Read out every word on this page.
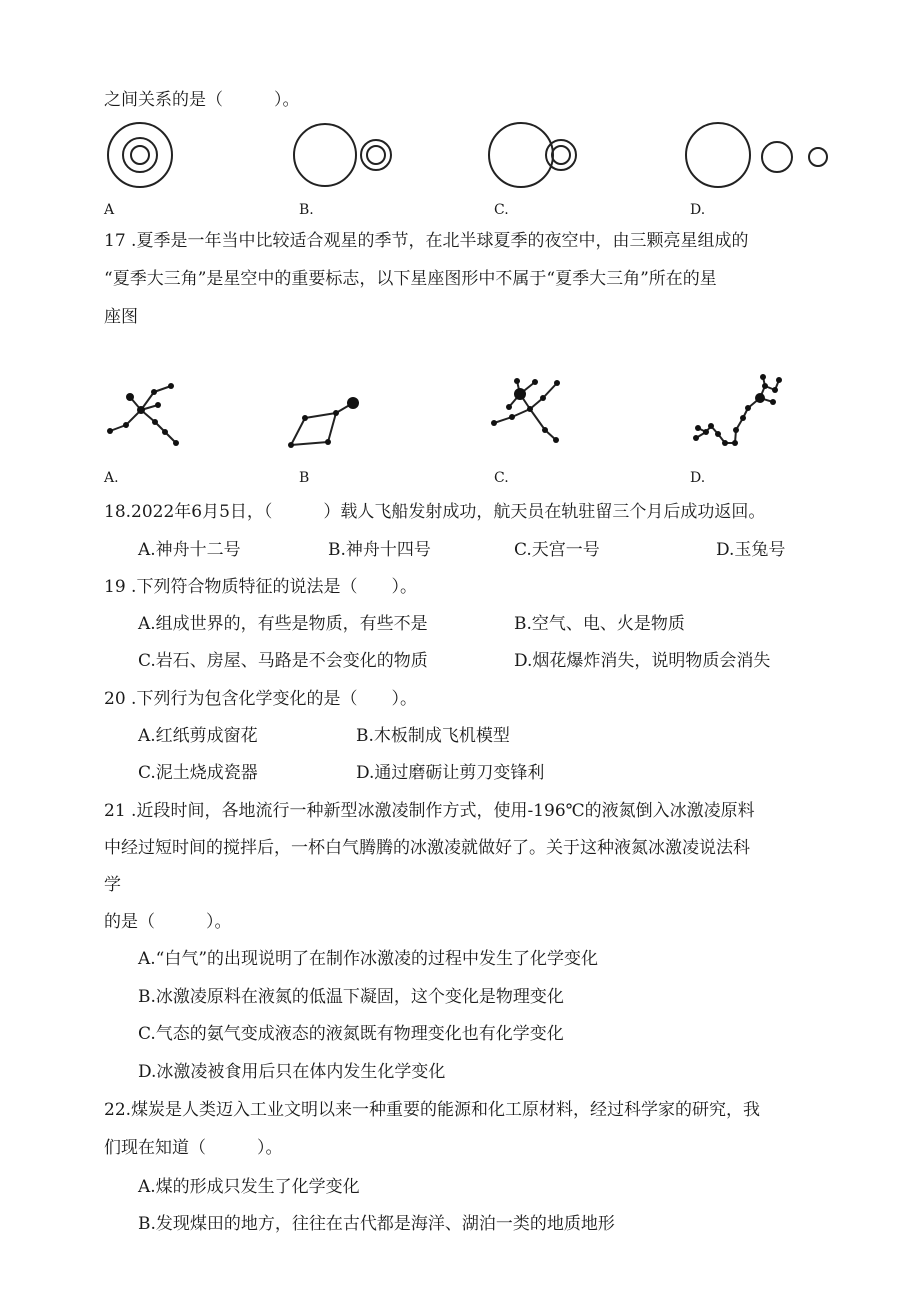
之间关系的是（　　　）。
A	B.	C.	D.
17 .夏季是一年当中比较适合观星的季节，在北半球夏季的夜空中，由三颗亮星组成的
“夏季大三角”是星空中的重要标志，以下星座图形中不属于“夏季大三角”所在的星
座图
A.	B	C.	D.
18.2022年6月5日，（　　　）载人飞船发射成功，航天员在轨驻留三个月后成功返回。
A.神舟十二号	B.神舟十四号	C.天宫一号	D.玉兔号
19 .下列符合物质特征的说法是（　　）。
A.组成世界的，有些是物质，有些不是	B.空气、电、火是物质
C.岩石、房屋、马路是不会变化的物质	D.烟花爆炸消失，说明物质会消失
20 .下列行为包含化学变化的是（　　）。
A.红纸剪成窗花	B.木板制成飞机模型
C.泥土烧成瓷器	D.通过磨砺让剪刀变锋利
21 .近段时间，各地流行一种新型冰激凌制作方式，使用-196℃的液氮倒入冰激凌原料
中经过短时间的搅拌后，一杯白气腾腾的冰激凌就做好了。关于这种液氮冰激凌说法科
学
的是（　　　）。
A.“白气”的出现说明了在制作冰激凌的过程中发生了化学变化
B.冰激凌原料在液氮的低温下凝固，这个变化是物理变化
C.气态的氨气变成液态的液氮既有物理变化也有化学变化
D.冰激凌被食用后只在体内发生化学变化
22.煤炭是人类迈入工业文明以来一种重要的能源和化工原材料，经过科学家的研究，我
们现在知道（　　　）。
A.煤的形成只发生了化学变化
B.发现煤田的地方，往往在古代都是海洋、湖泊一类的地质地形
